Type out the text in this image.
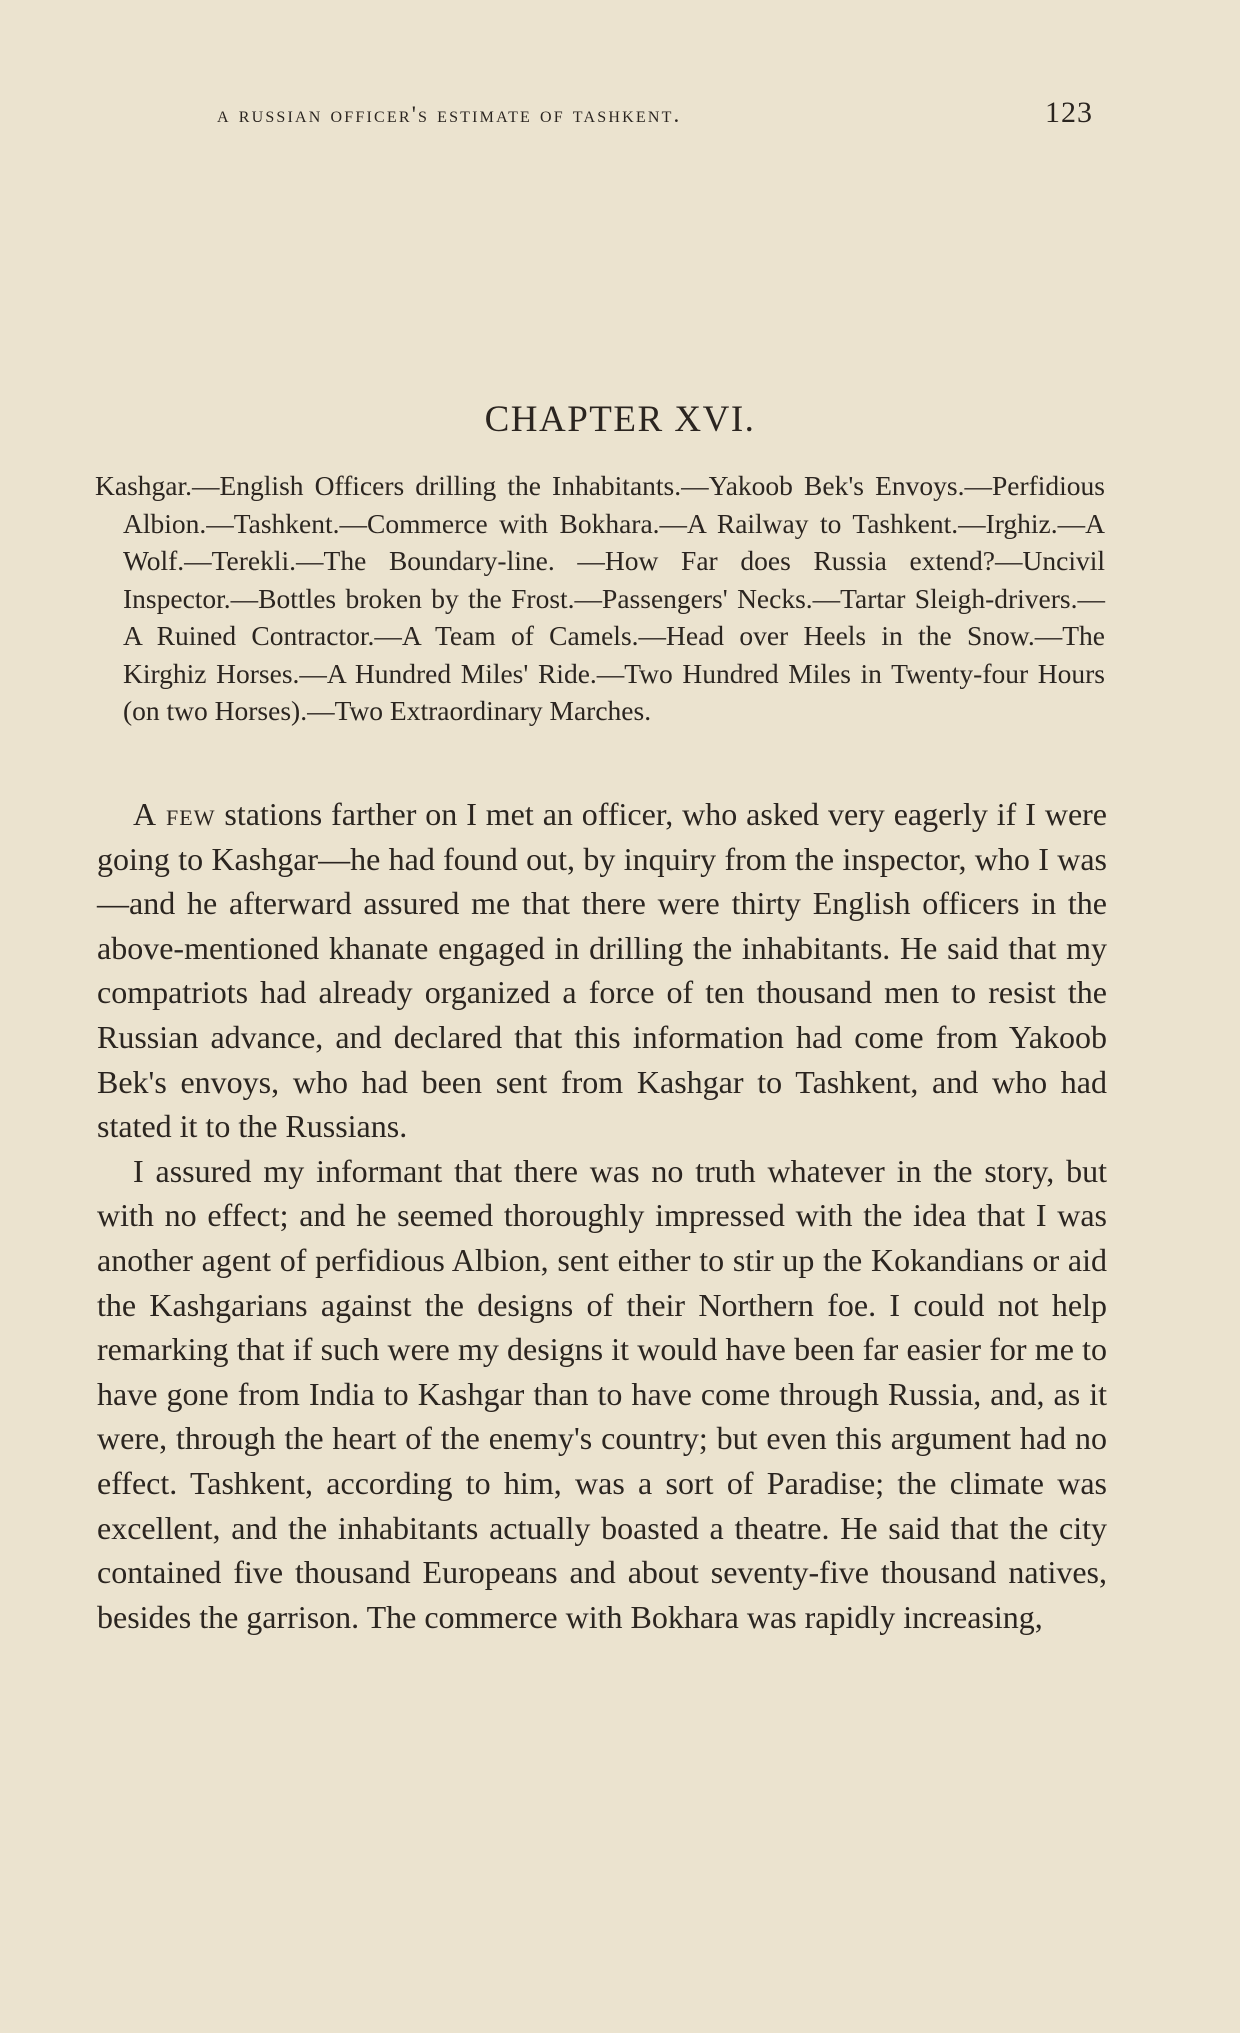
a russian officer's estimate of tashkent.	123
CHAPTER XVI.

Kashgar.—English Officers drilling the Inhabitants.—Yakoob Bek's Envoys.—Perfidious Albion.—Tashkent.—Commerce with Bokhara.—A Railway to Tashkent.—Irghiz.—A Wolf.—Terekli.—The Boundary-line. —How Far does Russia extend?—Uncivil Inspector.—Bottles broken by the Frost.—Passengers' Necks.—Tartar Sleigh-drivers.—A Ruined Contractor.—A Team of Camels.—Head over Heels in the Snow.—The Kirghiz Horses.—A Hundred Miles' Ride.—Two Hundred Miles in Twenty-four Hours (on two Horses).—Two Extraordinary Marches.

A few stations farther on I met an officer, who asked very eagerly if I were going to Kashgar—he had found out, by inquiry from the inspector, who I was—and he afterward assured me that there were thirty English officers in the above-mentioned khanate engaged in drilling the inhabitants. He said that my compatriots had already organized a force of ten thousand men to resist the Russian advance, and declared that this information had come from Yakoob Bek's envoys, who had been sent from Kashgar to Tashkent, and who had stated it to the Russians.

I assured my informant that there was no truth whatever in the story, but with no effect; and he seemed thoroughly impressed with the idea that I was another agent of perfidious Albion, sent either to stir up the Kokandians or aid the Kashgarians against the designs of their Northern foe. I could not help remarking that if such were my designs it would have been far easier for me to have gone from India to Kashgar than to have come through Russia, and, as it were, through the heart of the enemy's country; but even this argument had no effect. Tashkent, according to him, was a sort of Paradise; the climate was excellent, and the inhabitants actually boasted a theatre. He said that the city contained five thousand Europeans and about seventy-five thousand natives, besides the garrison. The commerce with Bokhara was rapidly increasing,
